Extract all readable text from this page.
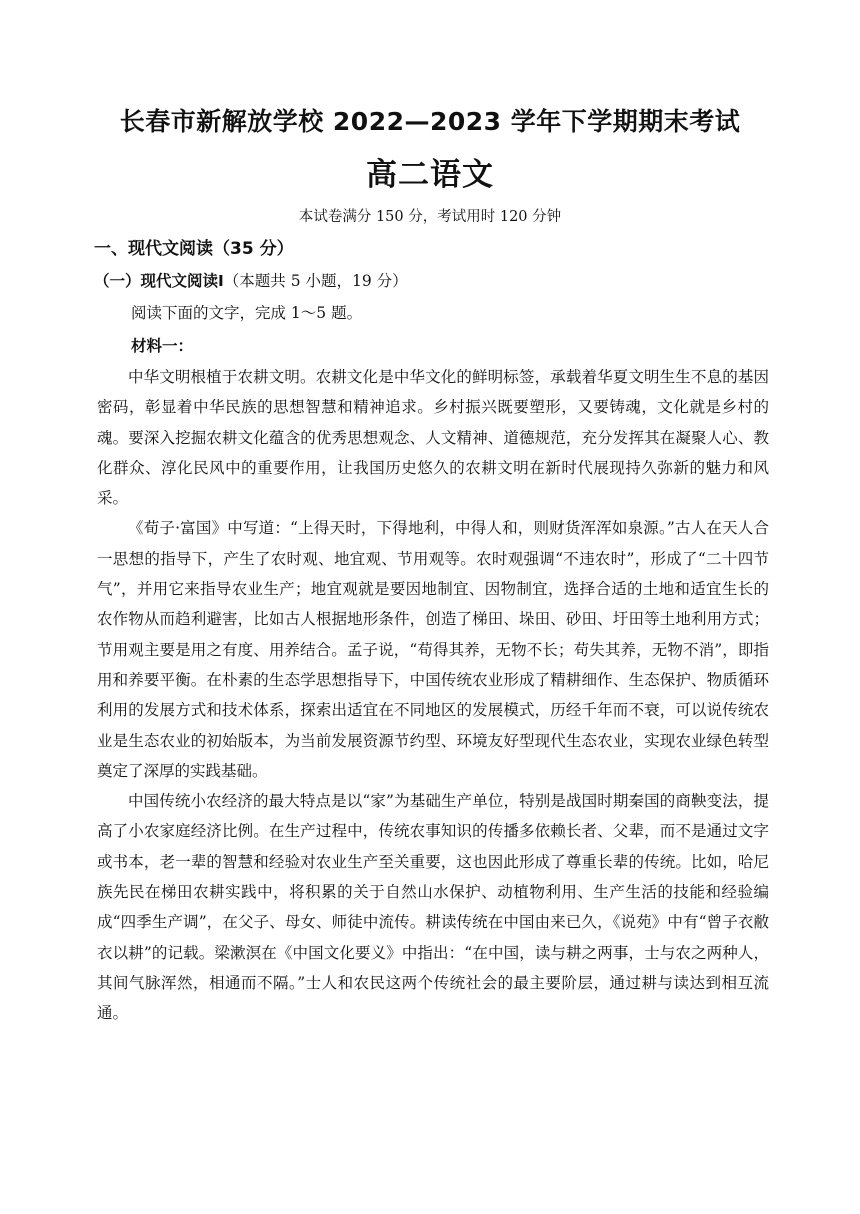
长春市新解放学校 2022—2023 学年下学期期末考试
高二语文
本试卷满分 150 分，考试用时 120 分钟
一、现代文阅读（35 分）
（一）现代文阅读Ⅰ（本题共 5 小题，19 分）
阅读下面的文字，完成 1～5 题。
材料一：

中华文明根植于农耕文明。农耕文化是中华文化的鲜明标签，承载着华夏文明生生不息的基因密码，彰显着中华民族的思想智慧和精神追求。乡村振兴既要塑形，又要铸魂，文化就是乡村的魂。要深入挖掘农耕文化蕴含的优秀思想观念、人文精神、道德规范，充分发挥其在凝聚人心、教化群众、淳化民风中的重要作用，让我国历史悠久的农耕文明在新时代展现持久弥新的魅力和风采。

《荀子·富国》中写道：“上得天时，下得地利，中得人和，则财货浑浑如泉源。”古人在天人合一思想的指导下，产生了农时观、地宜观、节用观等。农时观强调“不违农时”，形成了“二十四节气”，并用它来指导农业生产；地宜观就是要因地制宜、因物制宜，选择合适的土地和适宜生长的农作物从而趋利避害，比如古人根据地形条件，创造了梯田、垛田、砂田、圩田等土地利用方式；节用观主要是用之有度、用养结合。孟子说，“苟得其养，无物不长；苟失其养，无物不消”，即指用和养要平衡。在朴素的生态学思想指导下，中国传统农业形成了精耕细作、生态保护、物质循环利用的发展方式和技术体系，探索出适宜在不同地区的发展模式，历经千年而不衰，可以说传统农业是生态农业的初始版本，为当前发展资源节约型、环境友好型现代生态农业，实现农业绿色转型奠定了深厚的实践基础。

中国传统小农经济的最大特点是以“家”为基础生产单位，特别是战国时期秦国的商鞅变法，提高了小农家庭经济比例。在生产过程中，传统农事知识的传播多依赖长者、父辈，而不是通过文字或书本，老一辈的智慧和经验对农业生产至关重要，这也因此形成了尊重长辈的传统。比如，哈尼族先民在梯田农耕实践中，将积累的关于自然山水保护、动植物利用、生产生活的技能和经验编成“四季生产调”，在父子、母女、师徒中流传。耕读传统在中国由来已久，《说苑》中有“曾子衣敝衣以耕”的记载。梁漱溟在《中国文化要义》中指出：“在中国，读与耕之两事，士与农之两种人，其间气脉浑然，相通而不隔。”士人和农民这两个传统社会的最主要阶层，通过耕与读达到相互流通。
